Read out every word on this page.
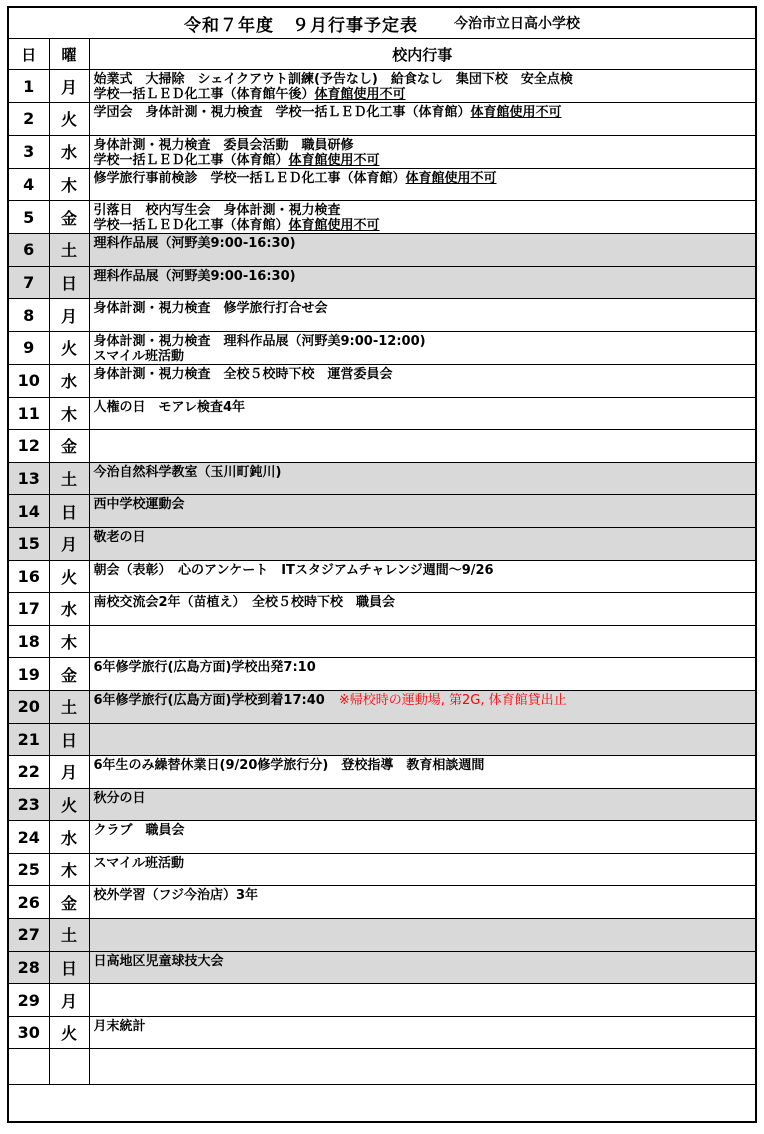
令和７年度　９月行事予定表	今治市立日高小学校
日	曜	校内行事
1	月	始業式　大掃除　シェイクアウト訓練(予告なし)　給食なし　集団下校　安全点検
学校一括ＬＥＤ化工事（体育館午後）体育館使用不可

2	火	学団会　身体計測・視力検査　学校一括ＬＥＤ化工事（体育館）体育館使用不可

3	水	身体計測・視力検査　委員会活動　職員研修
学校一括ＬＥＤ化工事（体育館）体育館使用不可

4	木	修学旅行事前検診　学校一括ＬＥＤ化工事（体育館）体育館使用不可

5	金	引落日　校内写生会　身体計測・視力検査
学校一括ＬＥＤ化工事（体育館）体育館使用不可

6	土	理科作品展（河野美9:00-16:30)

7	日	理科作品展（河野美9:00-16:30)

8	月	身体計測・視力検査　修学旅行打合せ会

9	火	身体計測・視力検査　理科作品展（河野美9:00-12:00)
スマイル班活動

10	水	身体計測・視力検査　全校５校時下校　運営委員会

11	木	人権の日　モアレ検査4年

12	金	
13	土	今治自然科学教室（玉川町鈍川)

14	日	西中学校運動会

15	月	敬老の日

16	火	朝会（表彰）　心のアンケート　ITスタジアムチャレンジ週間～9/26

17	水	南校交流会2年（苗植え）　全校５校時下校　職員会

18	木	
19	金	6年修学旅行(広島方面)学校出発7:10

20	土	6年修学旅行(広島方面)学校到着17:40 ※帰校時の運動場, 第2G, 体育館貸出止

21	日	
22	月	6年生のみ繰替休業日(9/20修学旅行分)　登校指導　教育相談週間

23	火	秋分の日

24	水	クラブ　職員会

25	木	スマイル班活動

26	金	校外学習（フジ今治店）3年

27	土	
28	日	日高地区児童球技大会

29	月	
30	火	月末統計
